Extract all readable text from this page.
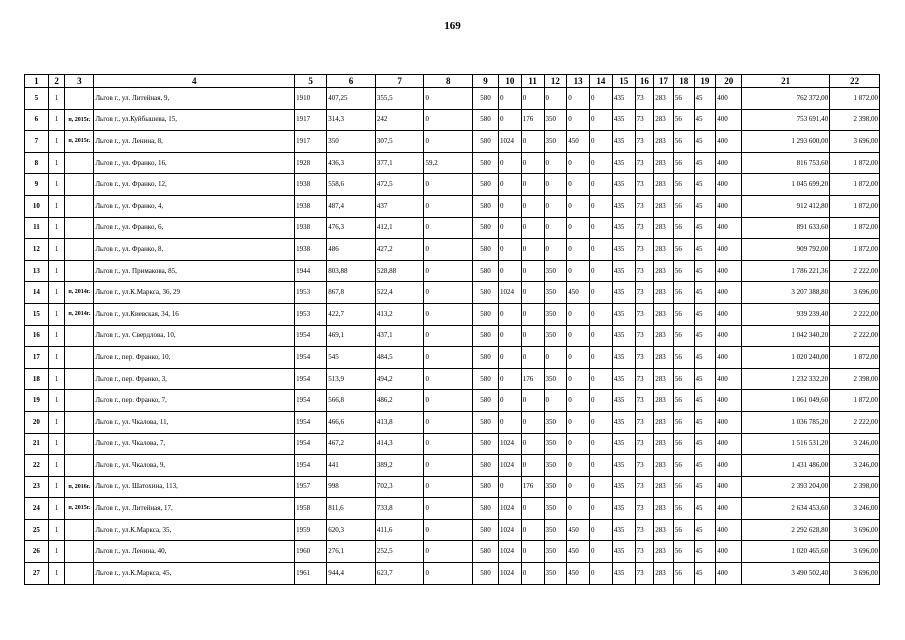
169
1	2	3	4	5	6	7	8	9	10	11	12	13	14	15	16	17	18	19	20	21	22
5	1		Льгов г., ул. Литейная, 9,	1910	407,25	355,5	0	580	0	0	0	0	0	435	73	283	56	45	400	762 372,00	1 872,00
6	1	п, 2015г.	Льгов г., ул.Куйбышева, 15,	1917	314,3	242	0	580	0	176	350	0	0	435	73	283	56	45	400	753 691,40	2 398,00
7	1	п, 2015г.	Льгов г., ул. Ленина, 8,	1917	350	307,5	0	580	1024	0	350	450	0	435	73	283	56	45	400	1 293 600,00	3 696,00
8	1		Льгов г., ул. Франко, 16,	1928	436,3	377,1	59,2	580	0	0	0	0	0	435	73	283	56	45	400	816 753,60	1 872,00
9	1		Льгов г., ул. Франко, 12,	1938	558,6	472,5	0	580	0	0	0	0	0	435	73	283	56	45	400	1 045 699,20	1 872,00
10	1		Льгов г., ул. Франко, 4,	1938	487,4	437	0	580	0	0	0	0	0	435	73	283	56	45	400	912 412,80	1 872,00
11	1		Льгов г., ул. Франко, 6,	1938	476,3	412,1	0	580	0	0	0	0	0	435	73	283	56	45	400	891 633,60	1 872,00
12	1		Льгов г., ул. Франко, 8,	1938	486	427,2	0	580	0	0	0	0	0	435	73	283	56	45	400	909 792,00	1 872,00
13	1		Льгов г., ул. Примакова, 85,	1944	803,88	528,88	0	580	0	0	350	0	0	435	73	283	56	45	400	1 786 221,36	2 222,00
14	1	п, 2014г.	Льгов г., ул.К.Маркса, 36, 29	1953	867,8	522,4	0	580	1024	0	350	450	0	435	73	283	56	45	400	3 207 388,80	3 696,00
15	1	п, 2014г.	Льгов г., ул.Киевская, 34, 16	1953	422,7	413,2	0	580	0	0	350	0	0	435	73	283	56	45	400	939 239,40	2 222,00
16	1		Льгов г., ул. Свердлова, 10,	1954	469,1	437,1	0	580	0	0	350	0	0	435	73	283	56	45	400	1 042 340,20	2 222,00
17	1		Льгов г., пер. Франко, 10,	1954	545	484,5	0	580	0	0	0	0	0	435	73	283	56	45	400	1 020 240,00	1 872,00
18	1		Льгов г., пер. Франко, 3,	1954	513,9	494,2	0	580	0	176	350	0	0	435	73	283	56	45	400	1 232 332,20	2 398,00
19	1		Льгов г., пер. Франко, 7,	1954	566,8	486,2	0	580	0	0	0	0	0	435	73	283	56	45	400	1 061 049,60	1 872,00
20	1		Льгов г., ул. Чкалова, 11,	1954	466,6	413,8	0	580	0	0	350	0	0	435	73	283	56	45	400	1 036 785,20	2 222,00
21	1		Льгов г., ул. Чкалова, 7,	1954	467,2	414,3	0	580	1024	0	350	0	0	435	73	283	56	45	400	1 516 531,20	3 246,00
22	1		Льгов г., ул. Чкалова, 9,	1954	441	389,2	0	580	1024	0	350	0	0	435	73	283	56	45	400	1 431 486,00	3 246,00
23	1	п, 2016г.	Льгов г., ул. Шатохина, 113,	1957	998	702,3	0	580	0	176	350	0	0	435	73	283	56	45	400	2 393 204,00	2 398,00
24	1	п, 2015г.	Льгов г., ул. Литейная, 17,	1958	811,6	733,8	0	580	1024	0	350	0	0	435	73	283	56	45	400	2 634 453,60	3 246,00
25	1		Льгов г., ул.К.Маркса, 35,	1959	620,3	411,6	0	580	1024	0	350	450	0	435	73	283	56	45	400	2 292 628,80	3 696,00
26	1		Льгов г., ул. Ленина, 40,	1960	276,1	252,5	0	580	1024	0	350	450	0	435	73	283	56	45	400	1 020 465,60	3 696,00
27	1		Льгов г., ул.К.Маркса, 45,	1961	944,4	623,7	0	580	1024	0	350	450	0	435	73	283	56	45	400	3 490 502,40	3 696,00
